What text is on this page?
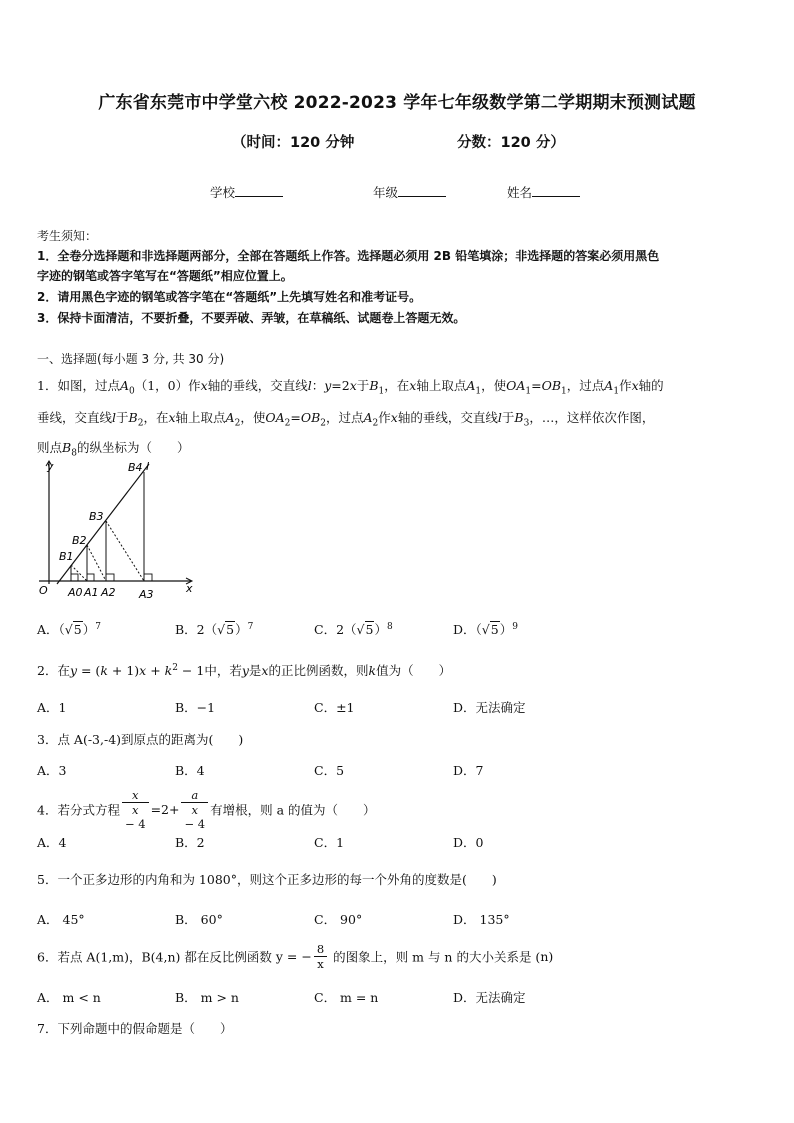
广东省东莞市中学堂六校 2022-2023 学年七年级数学第二学期期末预测试题
（时间：120 分钟	分数：120 分）
学校	年级	姓名
考生须知：
1．全卷分选择题和非选择题两部分，全部在答题纸上作答。选择题必须用 2B 铅笔填涂；非选择题的答案必须用黑色
字迹的钢笔或答字笔写在“答题纸”相应位置上。
2．请用黑色字迹的钢笔或答字笔在“答题纸”上先填写姓名和准考证号。
3．保持卡面清洁，不要折叠，不要弄破、弄皱，在草稿纸、试题卷上答题无效。
一、选择题(每小题 3 分, 共 30 分)
1．如图，过点$A_0(1$，0）作x轴的垂线，交直线l：y=2x于$B_1$，在x轴上取点$A_1$，使$OA_1=OB_1$，过点$A_1$作x轴的
垂线，交直线l于$B_2$，在x轴上取点$A_2$，使$OA_2=OB_2$，过点$A_2$作x轴的垂线，交直线l于$B_3$，…，这样依次作图，
则点$B_8$的纵坐标为（　　）
y	B4 l
B3
B2
B1
O A0 A1 A2 A3	x
A．$(√5)^7$	B．$2(√5)^7$	C．$2(√5)^8$	D．$(√5)^9$
2．在$y = (k + 1)x + k^2 - 1$中，若y是x的正比例函数，则k值为（　　）
A．1	B．−1	C．±1	D．无法确定
3．点 A(-3,-4)到原点的距离为(　　)
A．3	B．4	C．5	D．7
4．若分式方程 x
x
− 4 =2+ a
x
− 4 有增根，则 a 的值为（　　）
A．4	B．2	C．1	D．0
5．一个正多边形的内角和为 1080°，则这个正多边形的每一个外角的度数是(　　)
A． 45°	B． 60°	C． 90°	D． 135°
6．若点 A(1,m)，B(4,n) 都在反比例函数 y = − $\frac{8}{x}$ 的图象上，则 m 与 n 的大小关系是 (n)
A． m < n	B． m > n	C． m = n	D．无法确定
7．下列命题中的假命题是（　　）
